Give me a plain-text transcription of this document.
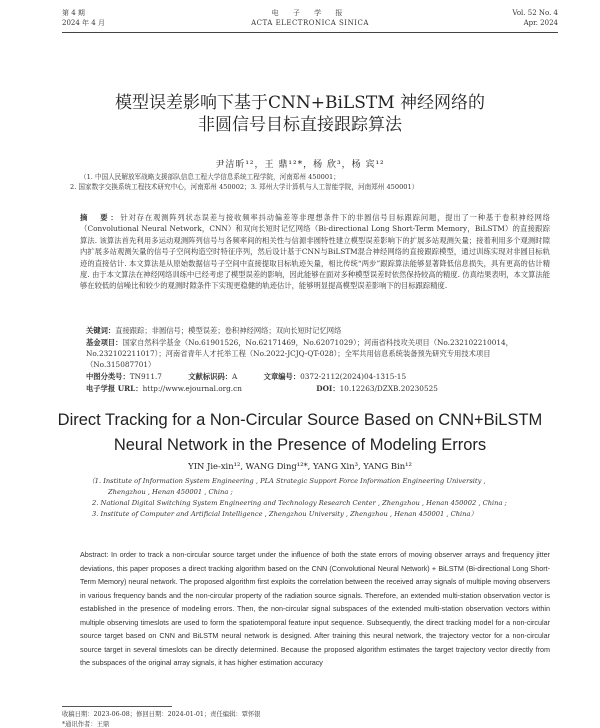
第 4 期
2024 年 4 月
电 子 学 报
ACTA ELECTRONICA SINICA
Vol. 52 No. 4
Apr. 2024
模型误差影响下基于CNN+BiLSTM 神经网络的
非圆信号目标直接跟踪算法
尹洁昕¹²，王 鼎¹²*，杨 欣³，杨 宾¹²
（1. 中国人民解放军战略支援部队信息工程大学信息系统工程学院，河南郑州 450001；
2. 国家数字交换系统工程技术研究中心，河南郑州 450002；3. 郑州大学计算机与人工智能学院，河南郑州 450001）
摘　要：针对存在观测阵列状态误差与接收频率抖动偏差等非理想条件下的非圆信号目标跟踪问题，提出了一种基于卷积神经网络（Convolutional Neural Network，CNN）和双向长短时记忆网络（Bi-directional Long Short-Term Memory，BiLSTM）的直接跟踪算法. 该算法首先利用多运动观测阵列信号与各频率间的相关性与信源非圆特性建立模型误差影响下的扩展多站观测矢量；接着利用多个观测时隙内扩展多站观测矢量的信号子空间构造空时特征序列，然后设计基于CNN与BiLSTM混合神经网络的直接跟踪模型，通过训练实现对非圆目标轨迹的直接估计. 本文算法是从原始数据信号子空间中直接提取目标轨迹矢量，相比传统“两步”跟踪算法能够显著降低信息损失，具有更高的估计精度. 由于本文算法在神经网络训练中已经考虑了模型误差的影响，因此能够在面对多种模型误差时依然保持较高的精度. 仿真结果表明，本文算法能够在较低的信噪比和较少的观测时隙条件下实现更稳健的轨迹估计，能够明显提高模型误差影响下的目标跟踪精度.
关键词：直接跟踪；非圆信号；模型误差；卷积神经网络；双向长短时记忆网络
基金项目：国家自然科学基金（No.61901526，No.62171469，No.62071029）；河南省科技攻关项目（No.232102210014，No.232102211017）；河南省青年人才托举工程（No.2022-JCJQ-QT-028）；全军共用信息系统装备预先研究专用技术项目（No.315087701）
中图分类号：TN911.7	文献标识码：A	文章编号：0372-2112(2024)04-1315-15
电子学报 URL：http://www.ejournal.org.cn	DOI：10.12263/DZXB.20230525
Direct Tracking for a Non-Circular Source Based on CNN+BiLSTM
Neural Network in the Presence of Modeling Errors
YIN Jie-xin¹², WANG Ding¹²*, YANG Xin³, YANG Bin¹²
（1. Institute of Information System Engineering , PLA Strategic Support Force Information Engineering University ,
Zhengzhou , Henan 450001 , China ;
2. National Digital Switching System Engineering and Technology Research Center , Zhengzhou , Henan 450002 , China ;
3. Institute of Computer and Artificial Intelligence , Zhengzhou University , Zhengzhou , Henan 450001 , China）
Abstract: In order to track a non-circular source target under the influence of both the state errors of moving observer arrays and frequency jitter deviations, this paper proposes a direct tracking algorithm based on the CNN (Convolutional Neural Network) + BiLSTM (Bi-directional Long Short-Term Memory) neural network. The proposed algorithm first exploits the correlation between the received array signals of multiple moving observers in various frequency bands and the non-circular property of the radiation source signals. Therefore, an extended multi-station observation vector is established in the presence of modeling errors. Then, the non-circular signal subspaces of the extended multi-station observation vectors within multiple observing timeslots are used to form the spatiotemporal feature input sequence. Subsequently, the direct tracking model for a non-circular source target based on CNN and BiLSTM neural network is designed. After training this neural network, the trajectory vector for a non-circular source target in several timeslots can be directly determined. Because the proposed algorithm estimates the target trajectory vector directly from the subspaces of the original array signals, it has higher estimation accuracy
收稿日期：2023-06-08；修回日期：2024-01-01；责任编辑：覃怀银
*通讯作者：王鼎
